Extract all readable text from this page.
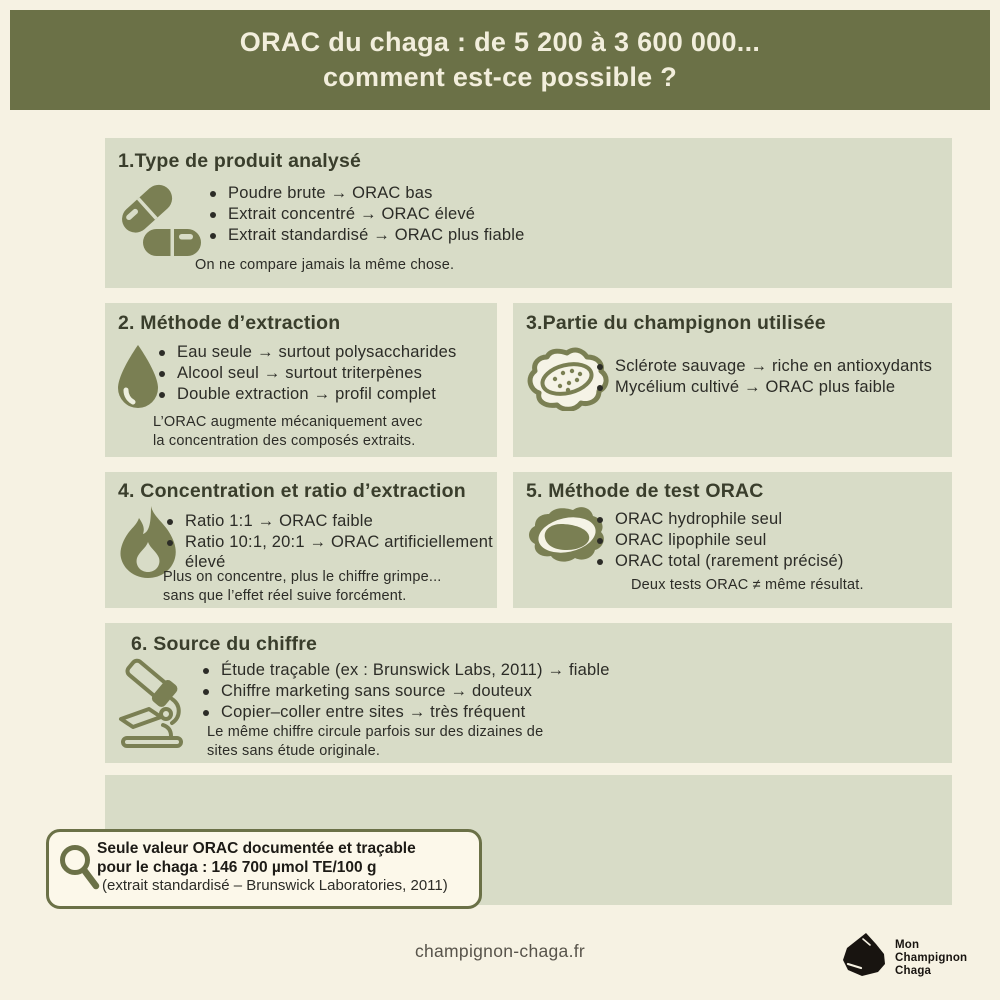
ORAC du chaga : de 5 200 à 3 600 000...
comment est-ce possible ?
1.Type de produit analysé
Poudre brute → ORAC bas
Extrait concentré → ORAC élevé
Extrait standardisé → ORAC plus fiable
On ne compare jamais la même chose.
2. Méthode d’extraction
Eau seule → surtout polysaccharides
Alcool seul → surtout triterpènes
Double extraction → profil complet
L’ORAC augmente mécaniquement avec
la concentration des composés extraits.
3.Partie du champignon utilisée
Sclérote sauvage → riche en antioxydants
Mycélium cultivé → ORAC plus faible
4. Concentration et ratio d’extraction
Ratio 1:1 → ORAC faible
Ratio 10:1, 20:1 → ORAC artificiellement élevé
Plus on concentre, plus le chiffre grimpe...
sans que l’effet réel suive forcément.
5. Méthode de test ORAC
ORAC hydrophile seul
ORAC lipophile seul
ORAC total (rarement précisé)
Deux tests ORAC ≠ même résultat.
6. Source du chiffre
Étude traçable (ex : Brunswick Labs, 2011) → fiable
Chiffre marketing sans source → douteux
Copier–coller entre sites → très fréquent
Le même chiffre circule parfois sur des dizaines de
sites sans étude originale.
Seule valeur ORAC documentée et traçable
pour le chaga : 146 700 µmol TE/100 g
(extrait standardisé – Brunswick Laboratories, 2011)
champignon-chaga.fr	Mon
Champignon
Chaga
